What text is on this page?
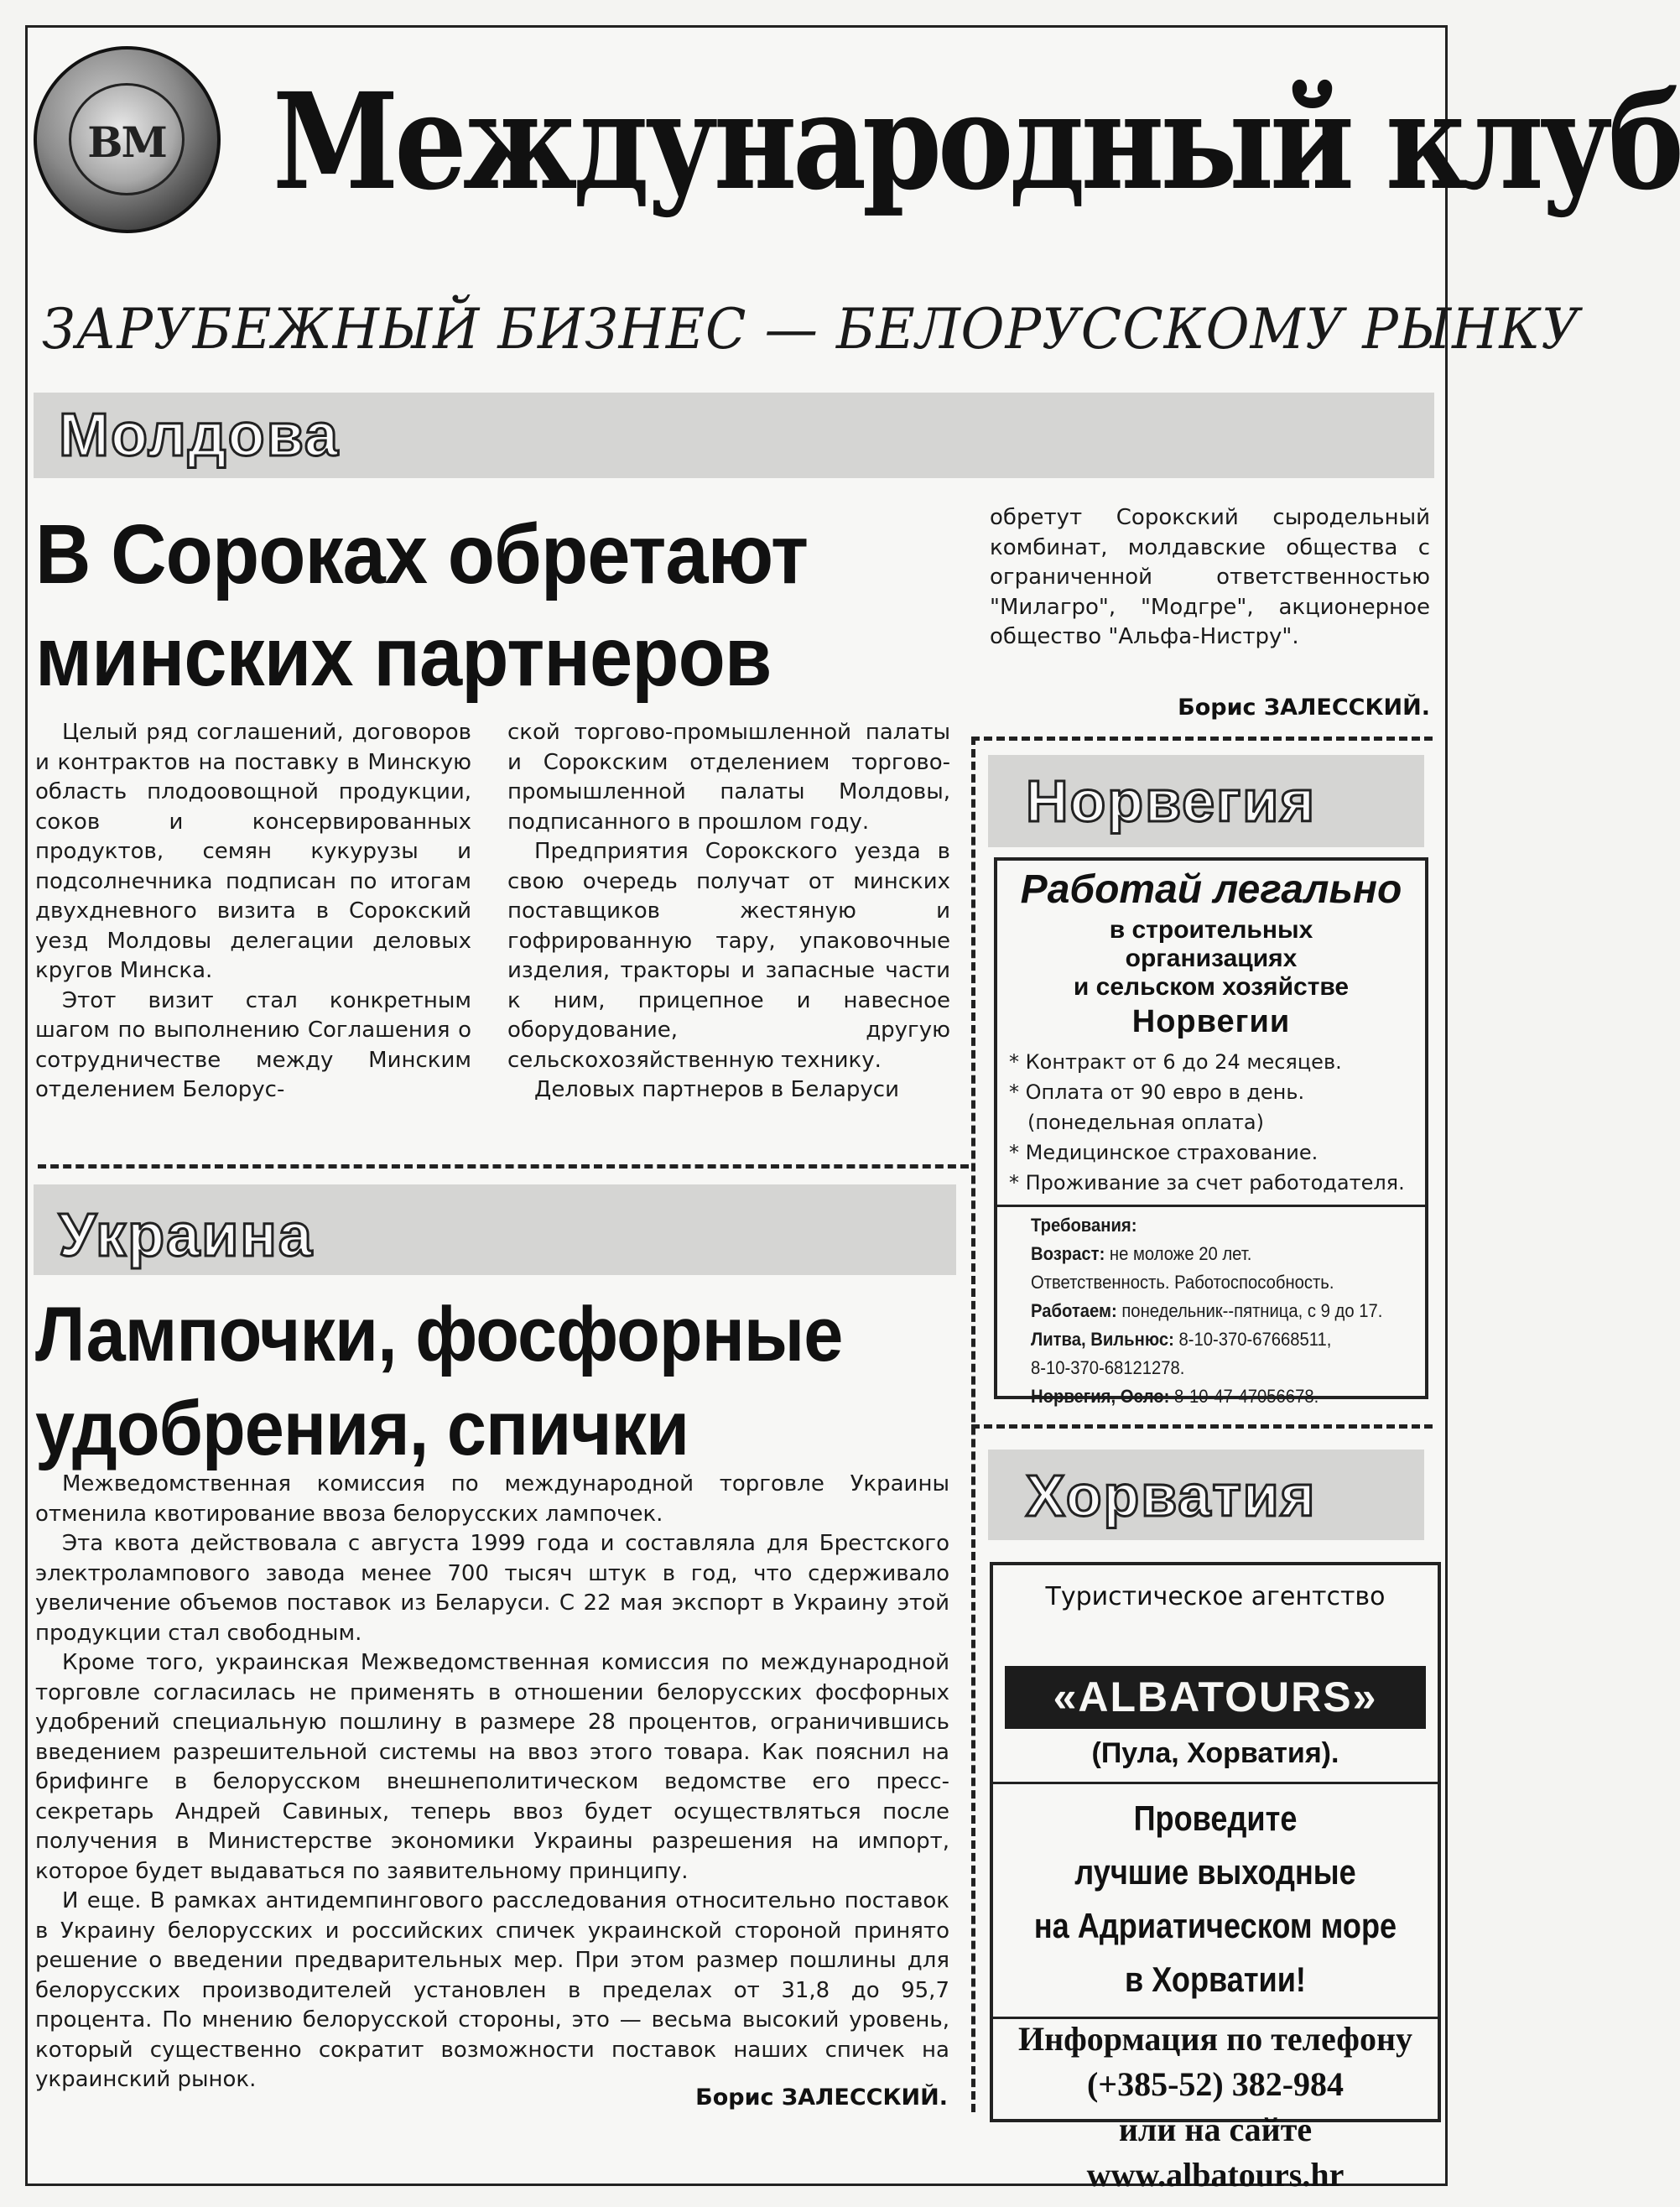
ВМ Международный клуб
ЗАРУБЕЖНЫЙ БИЗНЕС — БЕЛОРУССКОМУ РЫНКУ
Молдова
В Сороках обретают
минских партнеров

обретут Сорокский сыродельный комбинат, молдавские общества с ограниченной ответственностью "Милагро", "Модгре", акционерное общество "Альфа-Нистру".

Борис ЗАЛЕССКИЙ.

Целый ряд соглашений, договоров и контрактов на поставку в Минскую область плодоовощной продукции, соков и консервированных продуктов, семян кукурузы и подсолнечника подписан по итогам двухдневного визита в Сорокский уезд Молдовы делегации деловых кругов Минска.

Этот визит стал конкретным шагом по выполнению Соглашения о сотрудничестве между Минским отделением Белорус-

ской торгово-промышленной палаты и Сорокским отделением торгово-промышленной палаты Молдовы, подписанного в прошлом году.

Предприятия Сорокского уезда в свою очередь получат от минских поставщиков жестяную и гофрированную тару, упаковочные изделия, тракторы и запасные части к ним, прицепное и навесное оборудование, другую сельскохозяйственную технику.

Деловых партнеров в Беларуси

Украина
Лампочки, фосфорные
удобрения, спички

Межведомственная комиссия по международной торговле Украины отменила квотирование ввоза белорусских лампочек.

Эта квота действовала с августа 1999 года и составляла для Брестского электролампового завода менее 700 тысяч штук в год, что сдерживало увеличение объемов поставок из Беларуси. С 22 мая экспорт в Украину этой продукции стал свободным.

Кроме того, украинская Межведомственная комиссия по международной торговле согласилась не применять в отношении белорусских фосфорных удобрений специальную пошлину в размере 28 процентов, ограничившись введением разрешительной системы на ввоз этого товара. Как пояснил на брифинге в белорусском внешнеполитическом ведомстве его пресс-секретарь Андрей Савиных, теперь ввоз будет осуществляться после получения в Министерстве экономики Украины разрешения на импорт, которое будет выдаваться по заявительному принципу.

И еще. В рамках антидемпингового расследования относительно поставок в Украину белорусских и российских спичек украинской стороной принято решение о введении предварительных мер. При этом размер пошлины для белорусских производителей установлен в пределах от 31,8 до 95,7 процента. По мнению белорусской стороны, это — весьма высокий уровень, который существенно сократит возможности поставок наших спичек на украинский рынок.

Борис ЗАЛЕССКИЙ.
Норвегия
Работай легально
в строительных
организациях
и сельском хозяйстве
Норвегии
* Контракт от 6 до 24 месяцев.
* Оплата от 90 евро в день.
(понедельная оплата)
* Медицинское страхование.
* Проживание за счет работодателя.
Требования:
Возраст: не моложе 20 лет.
Ответственность. Работоспособность.
Работаем: понедельник--пятница, с 9 до 17.
Литва, Вильнюс: 8-10-370-67668511,
8-10-370-68121278.
Норвегия, Осло: 8-10-47-47056678.
Хорватия
Туристическое агентство
«ALBATOURS»
(Пула, Хорватия).
Проведите
лучшие выходные
на Адриатическом море
в Хорватии!
Информация по телефону
(+385-52) 382-984
или на сайте
www.albatours.hr
